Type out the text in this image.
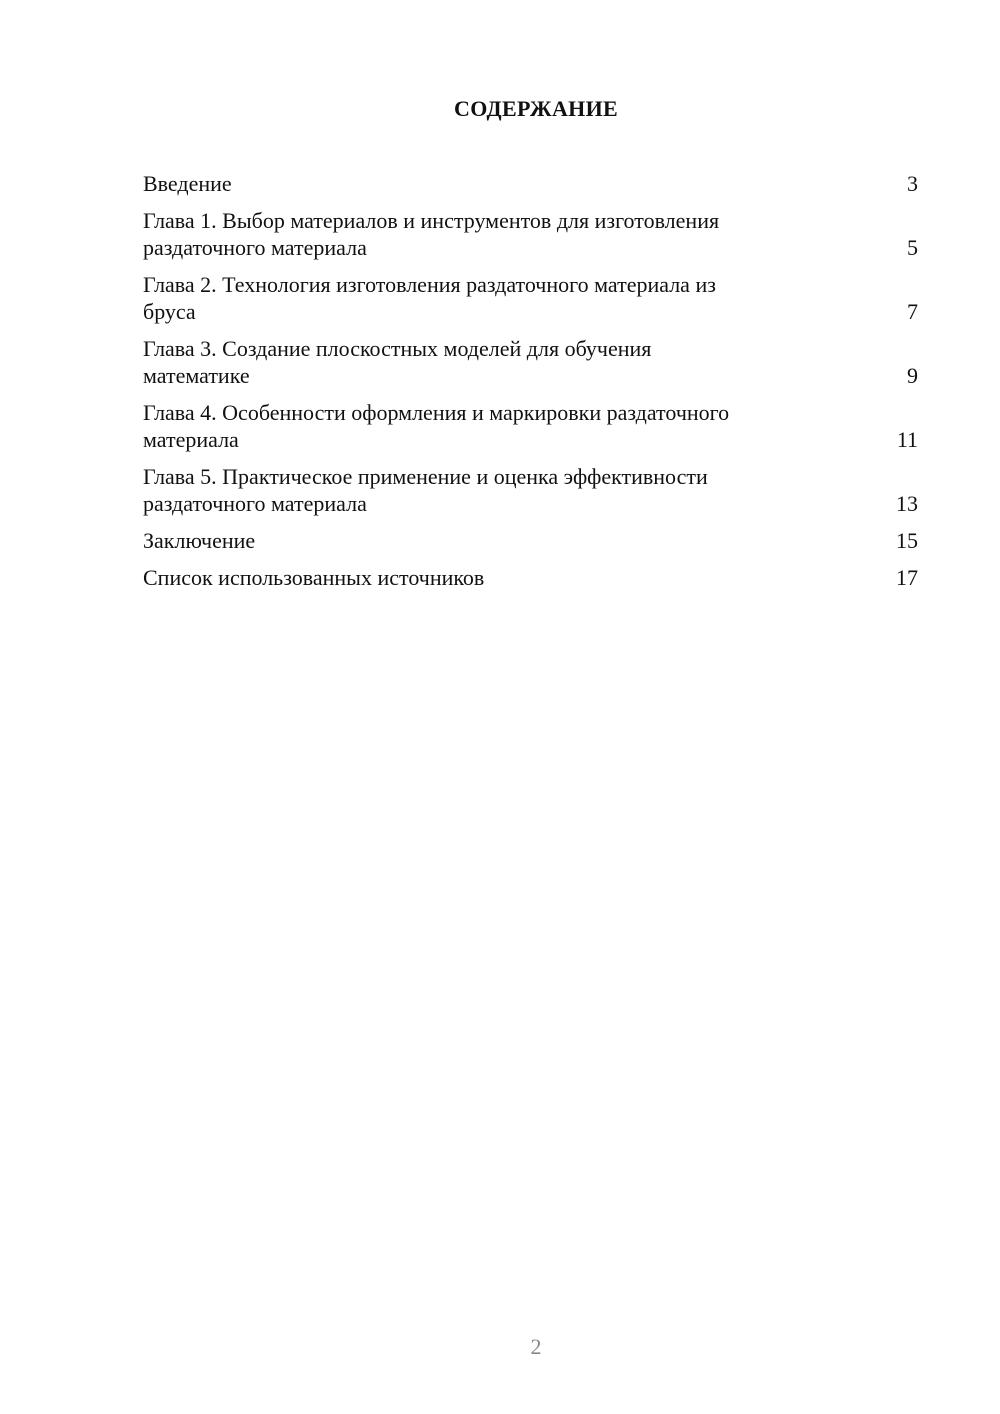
СОДЕРЖАНИЕ
Введение	3
Глава 1. Выбор материалов и инструментов для изготовления
раздаточного материала	5
Глава 2. Технология изготовления раздаточного материала из
бруса	7
Глава 3. Создание плоскостных моделей для обучения
математике	9
Глава 4. Особенности оформления и маркировки раздаточного
материала	11
Глава 5. Практическое применение и оценка эффективности
раздаточного материала	13
Заключение	15
Список использованных источников	17
2
